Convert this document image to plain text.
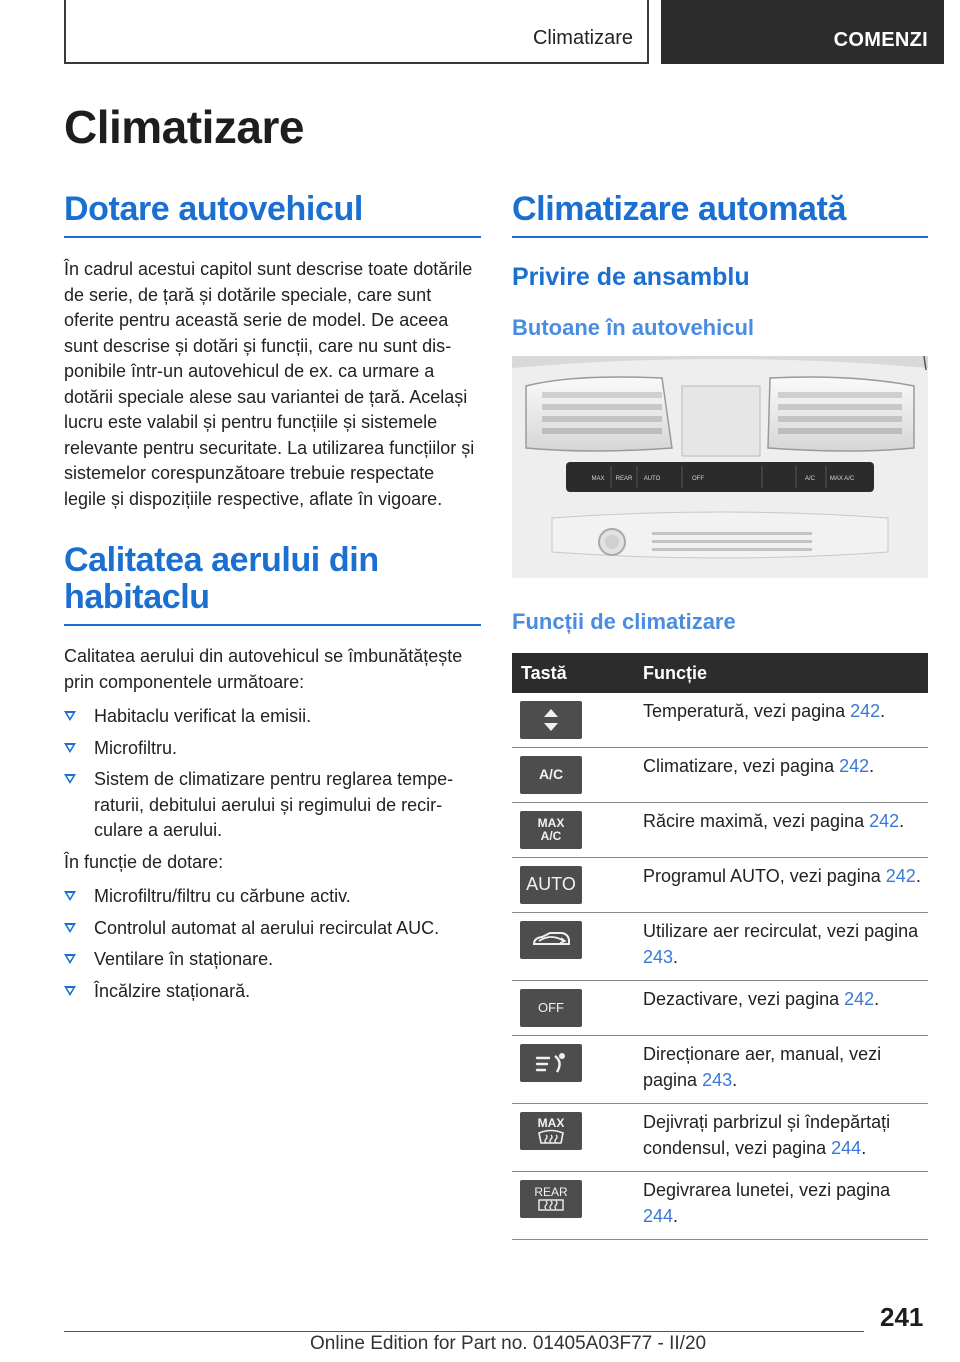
Climatizare	COMENZI
Climatizare
Dotare autovehicul

În cadrul acestui capitol sunt descrise toate dotările de serie, de țară și dotările speciale, care sunt oferite pentru această serie de model. De aceea sunt descrise și dotări și funcții, care nu sunt disponibile într-un autovehicul de ex. ca urmare a dotării speciale alese sau variantei de țară. Același lucru este valabil și pentru funcțiile și sistemele relevante pentru securitate. La utilizarea funcțiilor și sistemelor corespunzătoare trebuie respectate legile și dispozițiile respective, aflate în vigoare.

Calitatea aerului din habitaclu

Calitatea aerului din autovehicul se îmbunătățește prin componentele următoare:

Habitaclu verificat la emisii.
Microfiltru.
Sistem de climatizare pentru reglarea temperaturii, debitului aerului și regimului de recirculare a aerului.

În funcție de dotare:

Microfiltru/filtru cu cărbune activ.
Controlul automat al aerului recirculat AUC.
Ventilare în staționare.
Încălzire staționară.
Climatizare automată
Privire de ansamblu
Butoane în autovehicul
MAX REAR AUTO	OFF	A/C MAX A/C
Funcții de climatizare
Tastă	Funcție

	Temperatură, vezi pagina 242.

A/C	Climatizare, vezi pagina 242.

MAX A/C	Răcire maximă, vezi pagina 242.

AUTO	Programul AUTO, vezi pagina 242.

	Utilizare aer recirculat, vezi pagina 243.

OFF	Dezactivare, vezi pagina 242.

	Direcționare aer, manual, vezi pagina 243.

MAX	Dejivrați parbrizul și îndepărtați condensul, vezi pagina 244.

REAR	Degivrarea lunetei, vezi pagina 244.
241
Online Edition for Part no. 01405A03F77 - II/20
